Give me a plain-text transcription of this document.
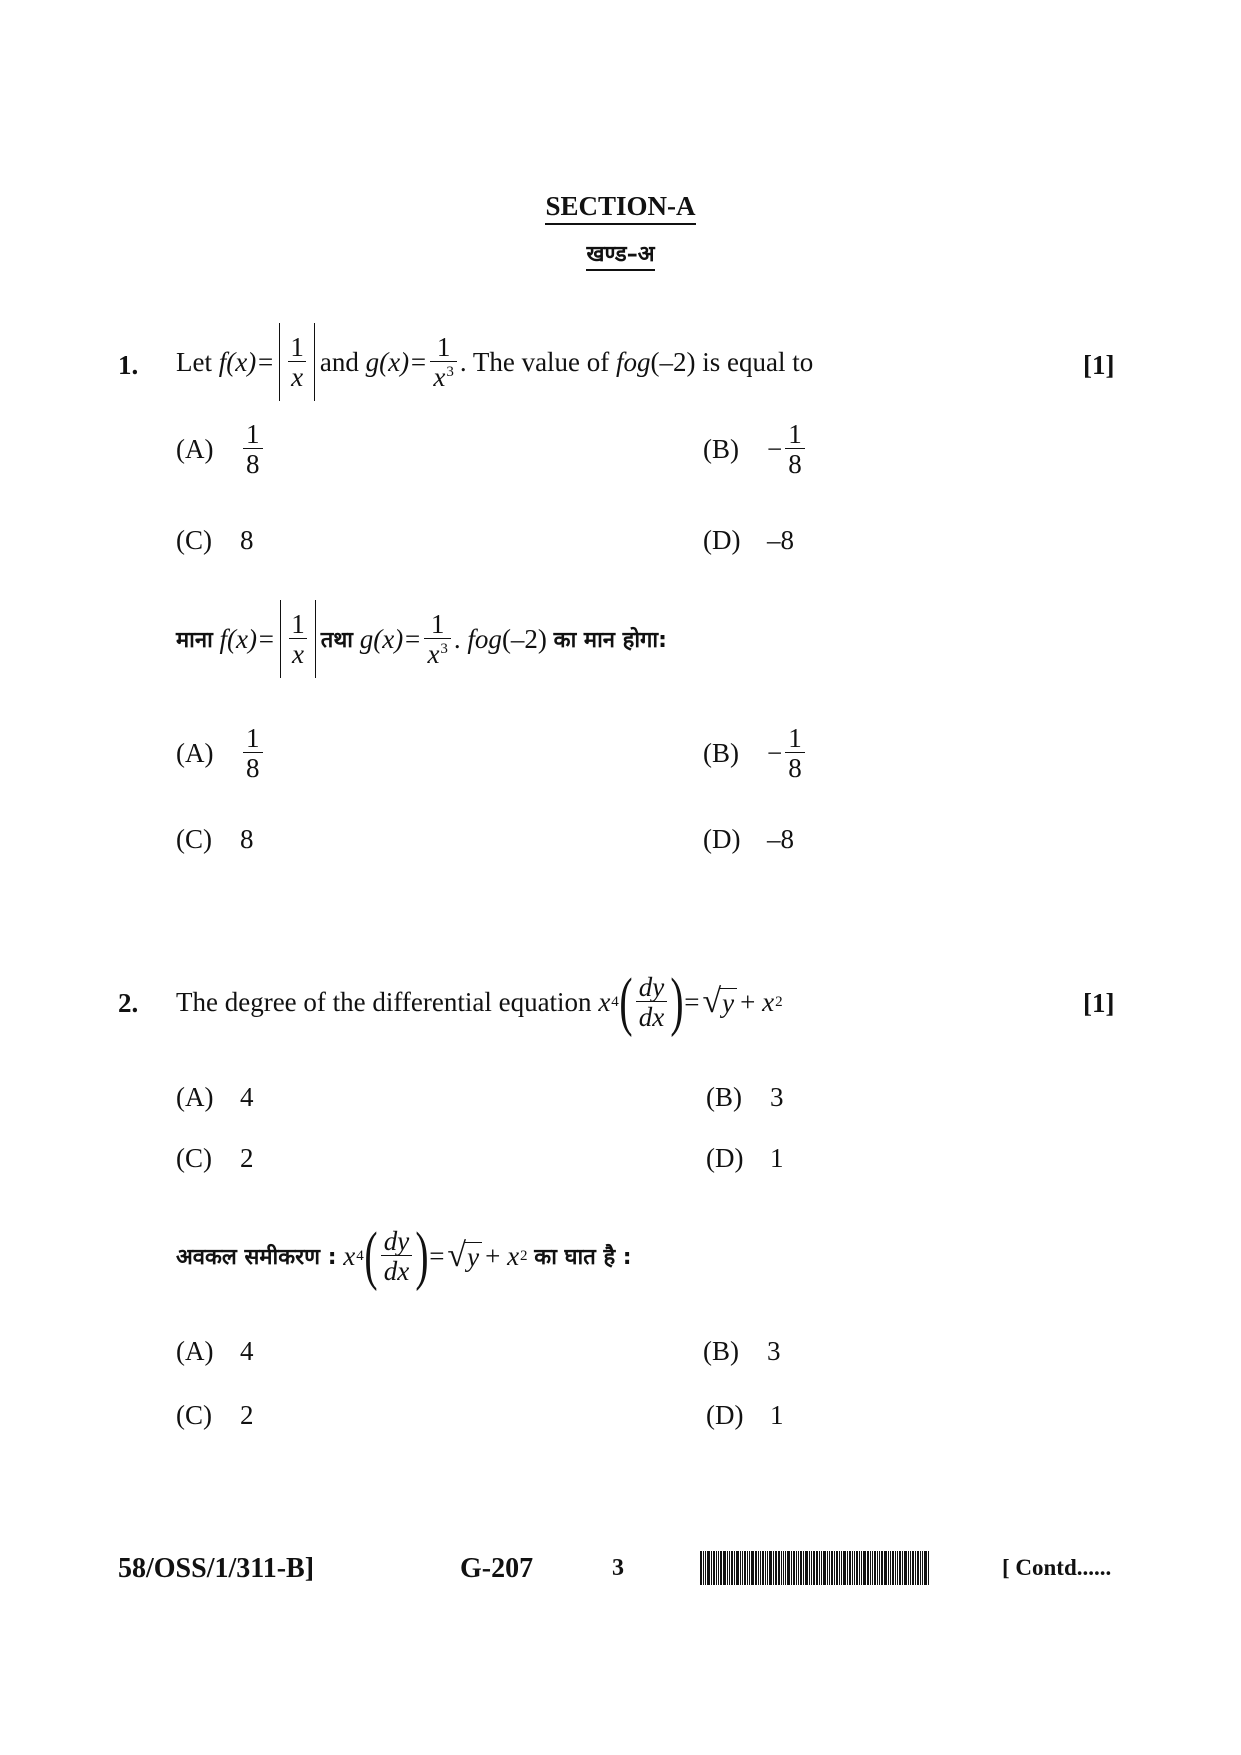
SECTION-A
खण्ड–अ
1. Let
$f(x)= \frac{1}{x}$ and
$g(x)= \frac{1}{x^3}$ . The value of
fog (–2) is equal to	[1]
(A)	$\frac{1}{8}$	(B)	− $\frac{1}{8}$
(C)	8	(D) –8
माना
$f(x)= \frac{1}{x}$ तथा
$g(x)= \frac{1}{x^3}$ .
fog (–2)
का मान होगा:
(A)	$\frac{1}{8}$	(B)	− $\frac{1}{8}$
(C)	8	(D) –8
2. The degree of the differential equation
x 4 ( $\frac{dy}{dx}$ ) = √ y +
x 2	[1]
(A) 4	(B)	3
(C)	2	(D) 1
अवकल समीकरण :
x 4 ( $\frac{dy}{dx}$ ) = √ y +
x 2
का घात है :
(A) 4	(B)	3
(C)	2	(D) 1
58/OSS/1/311-B]	G-207	3	[ Contd......
